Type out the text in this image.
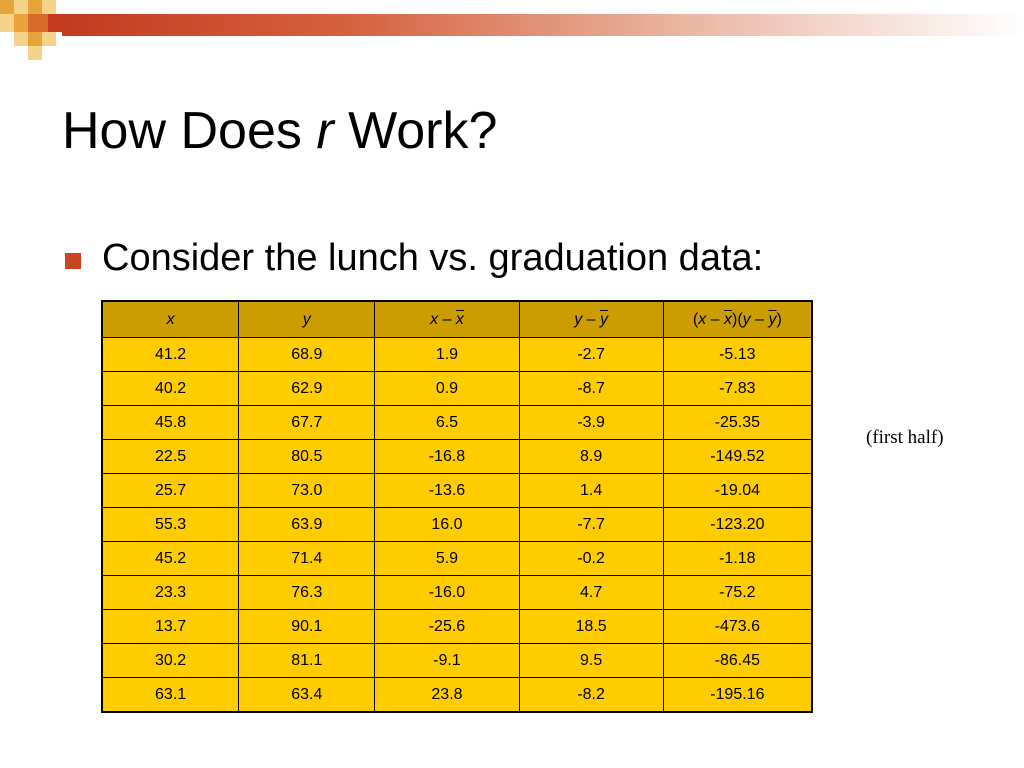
How Does r Work?
Consider the lunch vs. graduation data:
(first half)
x	y	x – $\overline{x}$	y – $\overline{y}$	$(x - \overline{x})(y - \overline{y})$
41.2	68.9	1.9	-2.7	-5.13
40.2	62.9	0.9	-8.7	-7.83
45.8	67.7	6.5	-3.9	-25.35
22.5	80.5	-16.8	8.9	-149.52
25.7	73.0	-13.6	1.4	-19.04
55.3	63.9	16.0	-7.7	-123.20
45.2	71.4	5.9	-0.2	-1.18
23.3	76.3	-16.0	4.7	-75.2
13.7	90.1	-25.6	18.5	-473.6
30.2	81.1	-9.1	9.5	-86.45
63.1	63.4	23.8	-8.2	-195.16
